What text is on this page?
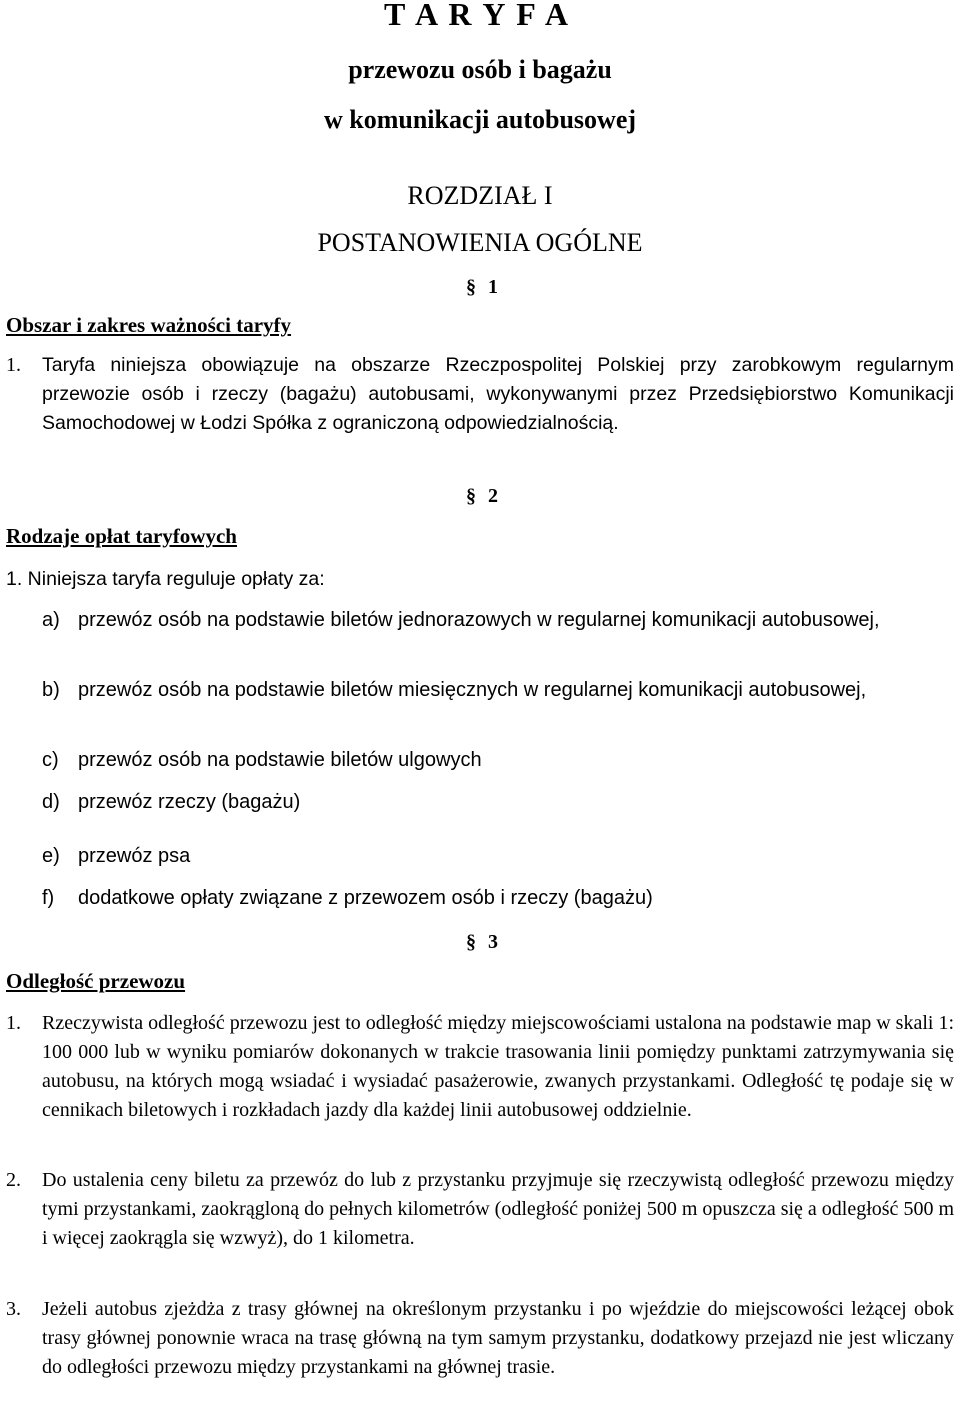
T A R Y F A
przewozu osób i bagażu
w komunikacji autobusowej
ROZDZIAŁ I
POSTANOWIENIA OGÓLNE
§ 1
Obszar i zakres ważności taryfy
1.	Taryfa niniejsza obowiązuje na obszarze Rzeczpospolitej Polskiej przy zarobkowym regularnym przewozie osób i rzeczy (bagażu) autobusami, wykonywanymi przez Przedsiębiorstwo Komunikacji Samochodowej w Łodzi Spółka z ograniczoną odpowiedzialnością.
§ 2
Rodzaje opłat taryfowych
1. Niniejsza taryfa reguluje opłaty za:
a) przewóz osób na podstawie biletów jednorazowych w regularnej komunikacji autobusowej,
b) przewóz osób na podstawie biletów miesięcznych w regularnej komunikacji autobusowej,
c) przewóz osób na podstawie biletów ulgowych
d) przewóz rzeczy (bagażu)
e) przewóz psa
f)	dodatkowe opłaty związane z przewozem osób i rzeczy (bagażu)
§ 3
Odległość przewozu
1.	Rzeczywista odległość przewozu jest to odległość między miejscowościami ustalona na podstawie map w skali 1: 100 000 lub w wyniku pomiarów dokonanych w trakcie trasowania linii pomiędzy punktami zatrzymywania się autobusu, na których mogą wsiadać i wysiadać pasażerowie, zwanych przystankami. Odległość tę podaje się w cennikach biletowych i rozkładach jazdy dla każdej linii autobusowej oddzielnie.
2.	Do ustalenia ceny biletu za przewóz do lub z przystanku przyjmuje się rzeczywistą odległość przewozu między tymi przystankami, zaokrągloną do pełnych kilometrów (odległość poniżej 500 m opuszcza się a odległość 500 m i więcej zaokrągla się wzwyż), do 1 kilometra.
3.	Jeżeli autobus zjeżdża z trasy głównej na określonym przystanku i po wjeździe do miejscowości leżącej obok trasy głównej ponownie wraca na trasę główną na tym samym przystanku, dodatkowy przejazd nie jest wliczany do odległości przewozu między przystankami na głównej trasie.
